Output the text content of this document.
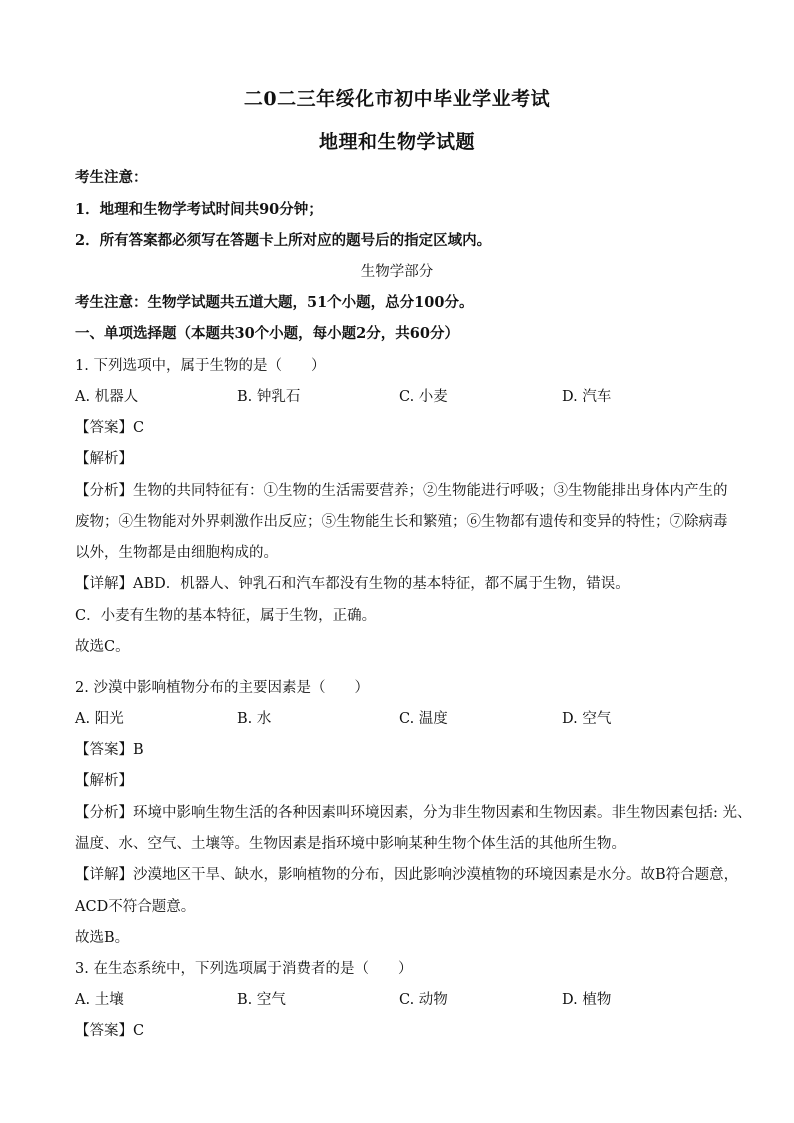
二0二三年绥化市初中毕业学业考试
地理和生物学试题
考生注意：
1．地理和生物学考试时间共90分钟；
2．所有答案都必须写在答题卡上所对应的题号后的指定区域内。
生物学部分
考生注意：生物学试题共五道大题，51个小题，总分100分。
一、单项选择题（本题共30个小题，每小题2分，共60分）
1. 下列选项中，属于生物的是（　　）
A. 机器人	B. 钟乳石	C. 小麦	D. 汽车
【答案】C
【解析】
【分析】生物的共同特征有：①生物的生活需要营养；②生物能进行呼吸；③生物能排出身体内产生的
废物；④生物能对外界刺激作出反应；⑤生物能生长和繁殖；⑥生物都有遗传和变异的特性；⑦除病毒
以外，生物都是由细胞构成的。
【详解】ABD．机器人、钟乳石和汽车都没有生物的基本特征，都不属于生物，错误。
C．小麦有生物的基本特征，属于生物，正确。
故选C。
2. 沙漠中影响植物分布的主要因素是（　　）
A. 阳光	B. 水	C. 温度	D. 空气
【答案】B
【解析】
【分析】环境中影响生物生活的各种因素叫环境因素，分为非生物因素和生物因素。非生物因素包括: 光、
温度、水、空气、土壤等。生物因素是指环境中影响某种生物个体生活的其他所生物。
【详解】沙漠地区干旱、缺水，影响植物的分布，因此影响沙漠植物的环境因素是水分。故B符合题意，
ACD不符合题意。
故选B。
3. 在生态系统中，下列选项属于消费者的是（　　）
A. 土壤	B. 空气	C. 动物	D. 植物
【答案】C
